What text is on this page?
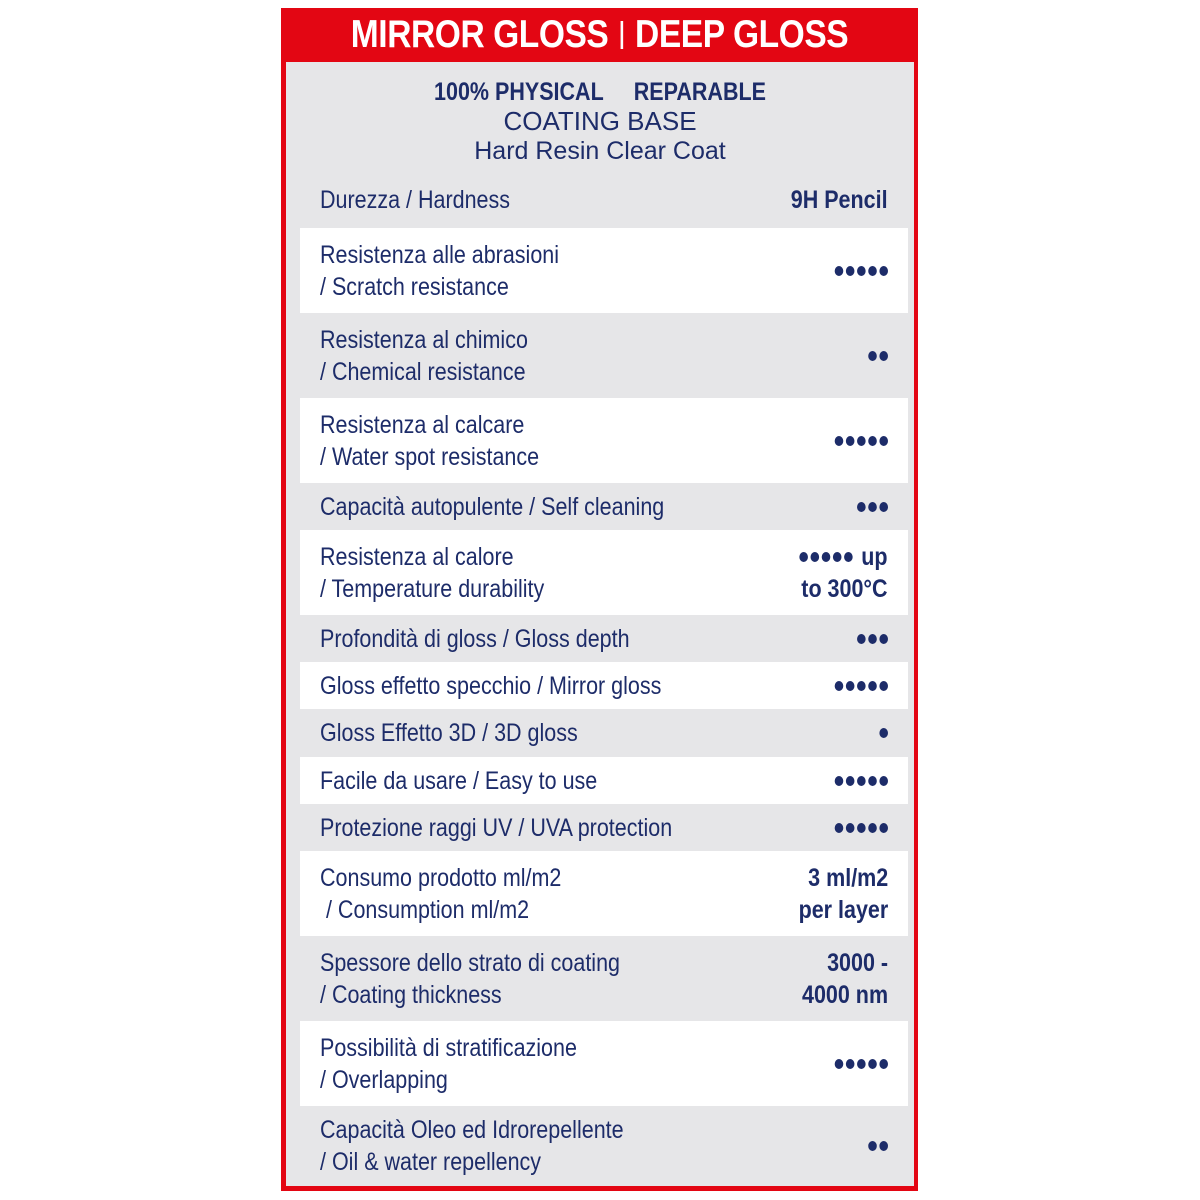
MIRROR GLOSS DEEP GLOSS
100% PHYSICAL REPARABLE
COATING BASE
Hard Resin Clear Coat
Durezza / Hardness	9H Pencil
Resistenza alle abrasioni
/ Scratch resistance
Resistenza al chimico
/ Chemical resistance
Resistenza al calcare
/ Water spot resistance
Capacità autopulente / Self cleaning
Resistenza al calore
/ Temperature durability
up
to 300°C
Profondità di gloss / Gloss depth
Gloss effetto specchio / Mirror gloss
Gloss Effetto 3D / 3D gloss
Facile da usare / Easy to use
Protezione raggi UV / UVA protection
Consumo prodotto ml/m2
/ Consumption ml/m2
3 ml/m2
per layer
Spessore dello strato di coating
/ Coating thickness
3000 -
4000 nm
Possibilità di stratificazione
/ Overlapping
Capacità Oleo ed Idrorepellente
/ Oil & water repellency
